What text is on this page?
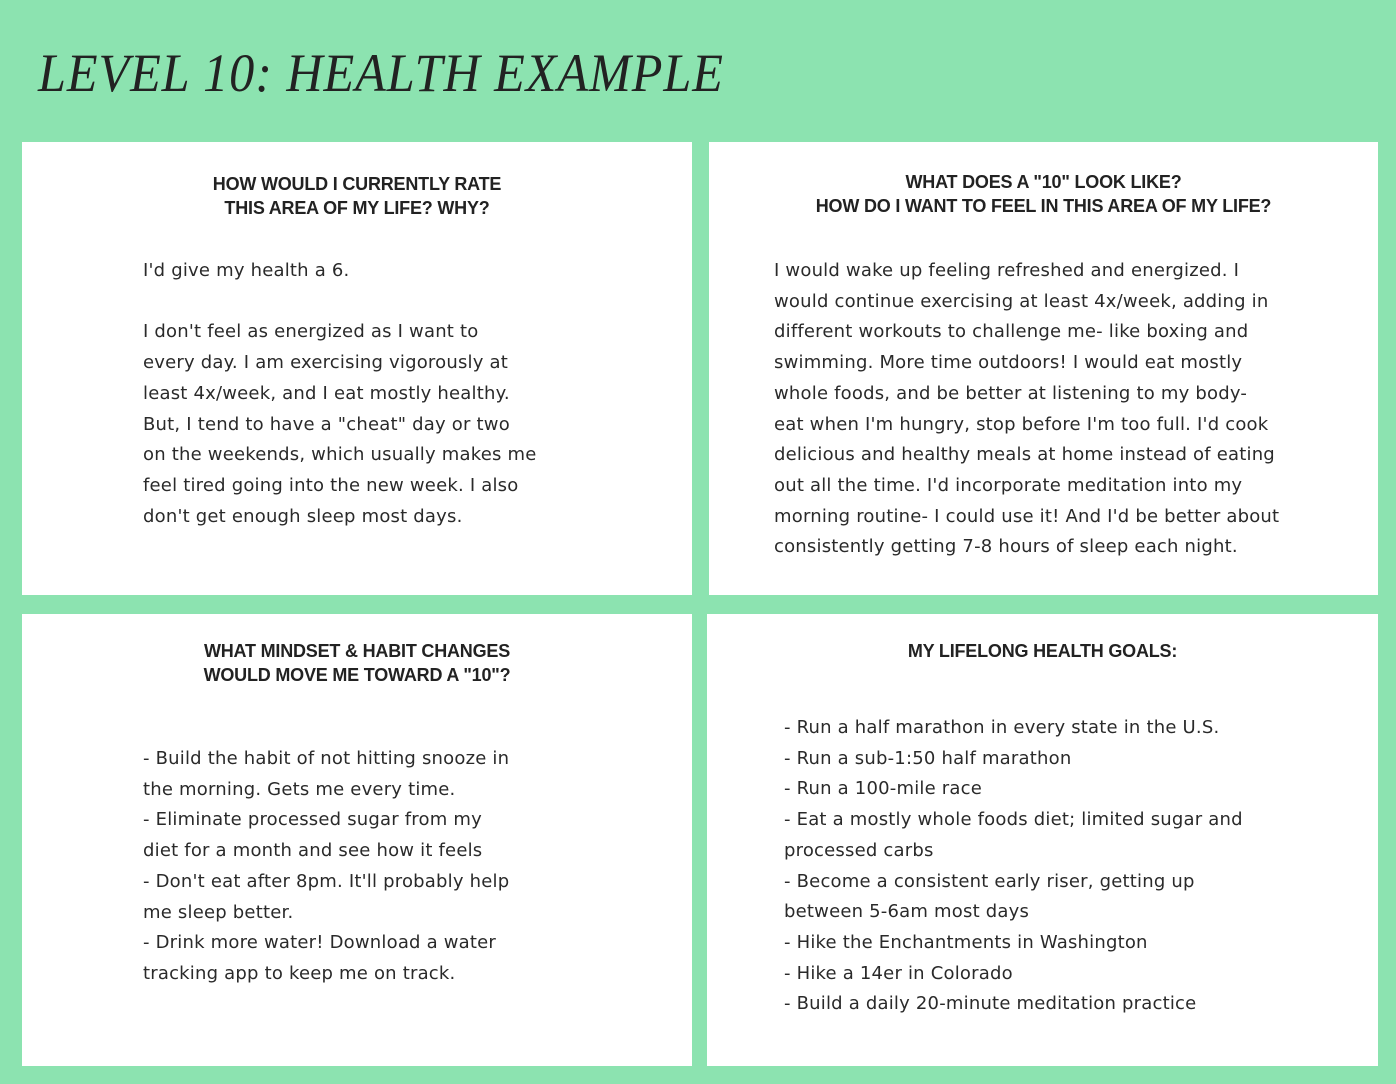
LEVEL 10: HEALTH EXAMPLE
HOW WOULD I CURRENTLY RATE
THIS AREA OF MY LIFE? WHY?

I'd give my health a 6.

I don't feel as energized as I want to

every day. I am exercising vigorously at

least 4x/week, and I eat mostly healthy.

But, I tend to have a "cheat" day or two

on the weekends, which usually makes me

feel tired going into the new week. I also

don't get enough sleep most days.

WHAT DOES A "10" LOOK LIKE?
HOW DO I WANT TO FEEL IN THIS AREA OF MY LIFE?

I would wake up feeling refreshed and energized. I

would continue exercising at least 4x/week, adding in

different workouts to challenge me- like boxing and

swimming. More time outdoors! I would eat mostly

whole foods, and be better at listening to my body-

eat when I'm hungry, stop before I'm too full. I'd cook

delicious and healthy meals at home instead of eating

out all the time. I'd incorporate meditation into my

morning routine- I could use it! And I'd be better about

consistently getting 7-8 hours of sleep each night.

WHAT MINDSET & HABIT CHANGES
WOULD MOVE ME TOWARD A "10"?

- Build the habit of not hitting snooze in

the morning. Gets me every time.

- Eliminate processed sugar from my

diet for a month and see how it feels

- Don't eat after 8pm. It'll probably help

me sleep better.

- Drink more water! Download a water

tracking app to keep me on track.

MY LIFELONG HEALTH GOALS:

- Run a half marathon in every state in the U.S.

- Run a sub-1:50 half marathon

- Run a 100-mile race

- Eat a mostly whole foods diet; limited sugar and

processed carbs

- Become a consistent early riser, getting up

between 5-6am most days

- Hike the Enchantments in Washington

- Hike a 14er in Colorado

- Build a daily 20-minute meditation practice
